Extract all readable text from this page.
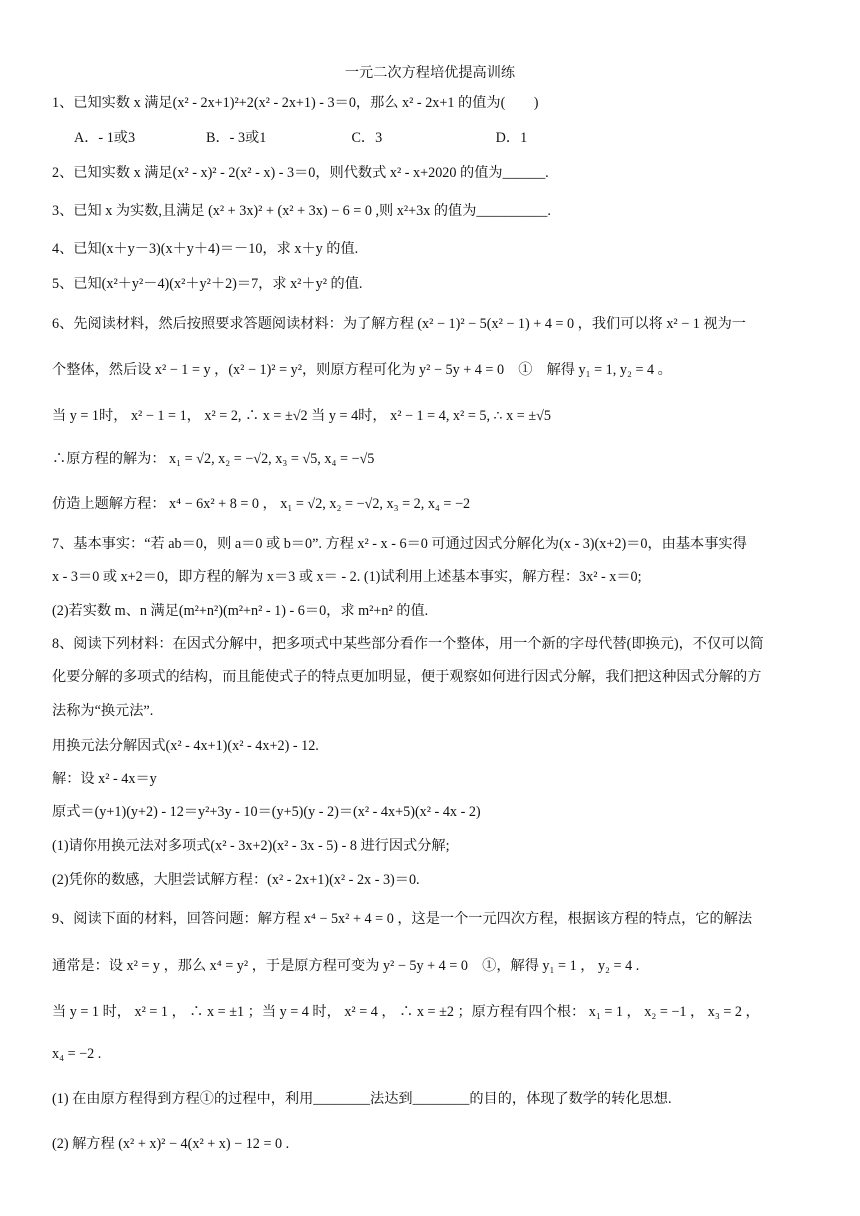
一元二次方程培优提高训练
1、已知实数 x 满足(x² - 2x+1)²+2(x² - 2x+1) - 3＝0，那么 x² - 2x+1 的值为(　　)
A．- 1或3　　　　　B．- 3或1　　　　　　C．3　　　　　　　　D．1
2、已知实数 x 满足(x² - x)² - 2(x² - x) - 3＝0，则代数式 x² - x+2020 的值为______.
3、已知 x 为实数,且满足 (x² + 3x)² + (x² + 3x) − 6 = 0 ,则 x²+3x 的值为__________.
4、已知(x＋y－3)(x＋y＋4)＝－10，求 x＋y 的值.
5、已知(x²＋y²－4)(x²＋y²＋2)＝7，求 x²＋y² 的值.
6、先阅读材料，然后按照要求答题阅读材料：为了解方程 (x² − 1)² − 5(x² − 1) + 4 = 0 ，我们可以将 x² − 1 视为一
个整体，然后设 x² − 1 = y ，(x² − 1)² = y²，则原方程可化为 y² − 5y + 4 = 0　①　解得 y₁ = 1, y₂ = 4 。
当 y = 1时， x² − 1 = 1， x² = 2, ∴ x = ±√2 当 y = 4时， x² − 1 = 4, x² = 5, ∴ x = ±√5
∴原方程的解为： x₁ = √2, x₂ = −√2, x₃ = √5, x₄ = −√5
仿造上题解方程： x⁴ − 6x² + 8 = 0 ， x₁ = √2, x₂ = −√2, x₃ = 2, x₄ = −2
7、基本事实：“若 ab＝0，则 a＝0 或 b＝0”. 方程 x² - x - 6＝0 可通过因式分解化为(x - 3)(x+2)＝0，由基本事实得
x - 3＝0 或 x+2＝0，即方程的解为 x＝3 或 x＝ - 2. (1)试利用上述基本事实，解方程：3x² - x＝0;
(2)若实数 m、n 满足(m²+n²)(m²+n² - 1) - 6＝0，求 m²+n² 的值.
8、阅读下列材料：在因式分解中，把多项式中某些部分看作一个整体，用一个新的字母代替(即换元)，不仅可以简
化要分解的多项式的结构，而且能使式子的特点更加明显，便于观察如何进行因式分解，我们把这种因式分解的方
法称为“换元法”.
用换元法分解因式(x² - 4x+1)(x² - 4x+2) - 12.
解：设 x² - 4x＝y
原式＝(y+1)(y+2) - 12＝y²+3y - 10＝(y+5)(y - 2)＝(x² - 4x+5)(x² - 4x - 2)
(1)请你用换元法对多项式(x² - 3x+2)(x² - 3x - 5) - 8 进行因式分解;
(2)凭你的数感，大胆尝试解方程：(x² - 2x+1)(x² - 2x - 3)＝0.
9、阅读下面的材料，回答问题：解方程 x⁴ − 5x² + 4 = 0 ，这是一个一元四次方程，根据该方程的特点，它的解法
通常是：设 x² = y ，那么 x⁴ = y² ，于是原方程可变为 y² − 5y + 4 = 0　①，解得 y₁ = 1 ， y₂ = 4 .
当 y = 1 时， x² = 1 ， ∴ x = ±1 ；当 y = 4 时， x² = 4 ， ∴ x = ±2 ；原方程有四个根： x₁ = 1 ， x₂ = −1 ， x₃ = 2 ，
x₄ = −2 .
(1) 在由原方程得到方程①的过程中，利用________法达到________的目的，体现了数学的转化思想.
(2) 解方程 (x² + x)² − 4(x² + x) − 12 = 0 .
